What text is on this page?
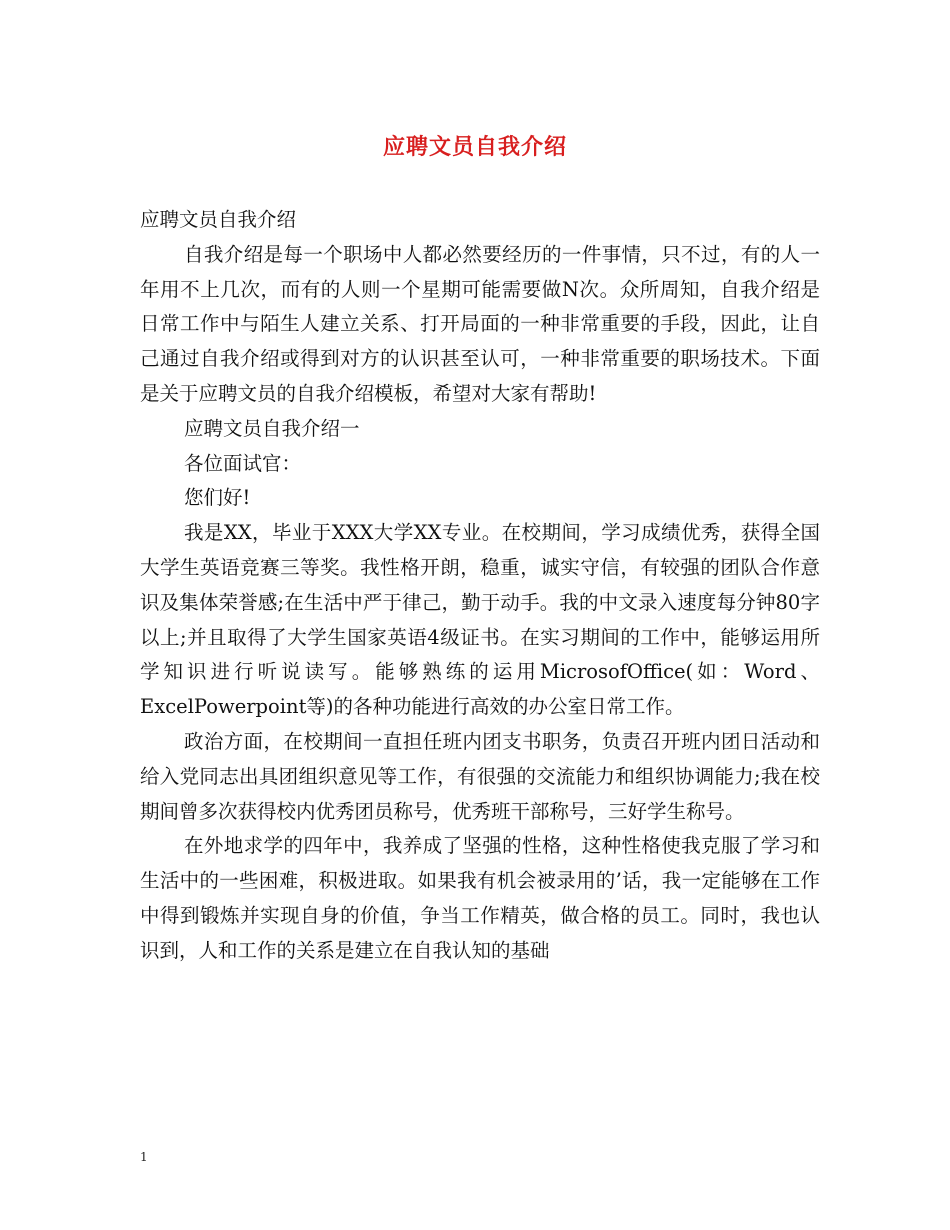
应聘文员自我介绍

应聘文员自我介绍

自我介绍是每一个职场中人都必然要经历的一件事情，只不过，有的人一年用不上几次，而有的人则一个星期可能需要做N次。众所周知，自我介绍是日常工作中与陌生人建立关系、打开局面的一种非常重要的手段，因此，让自己通过自我介绍或得到对方的认识甚至认可，一种非常重要的职场技术。下面是关于应聘文员的自我介绍模板，希望对大家有帮助!

应聘文员自我介绍一

各位面试官：

您们好!

我是XX，毕业于XXX大学XX专业。在校期间，学习成绩优秀，获得全国大学生英语竞赛三等奖。我性格开朗，稳重，诚实守信，有较强的团队合作意识及集体荣誉感;在生活中严于律己，勤于动手。我的中文录入速度每分钟80字以上;并且取得了大学生国家英语4级证书。在实习期间的工作中，能够运用所学知识进行听说读写。能够熟练的运用MicrosofOffice(如：Word、ExcelPowerpoint等)的各种功能进行高效的办公室日常工作。

政治方面，在校期间一直担任班内团支书职务，负责召开班内团日活动和给入党同志出具团组织意见等工作，有很强的交流能力和组织协调能力;我在校期间曾多次获得校内优秀团员称号，优秀班干部称号，三好学生称号。

在外地求学的四年中，我养成了坚强的性格，这种性格使我克服了学习和生活中的一些困难，积极进取。如果我有机会被录用的’话，我一定能够在工作中得到锻炼并实现自身的价值，争当工作精英，做合格的员工。同时，我也认识到，人和工作的关系是建立在自我认知的基础

1
